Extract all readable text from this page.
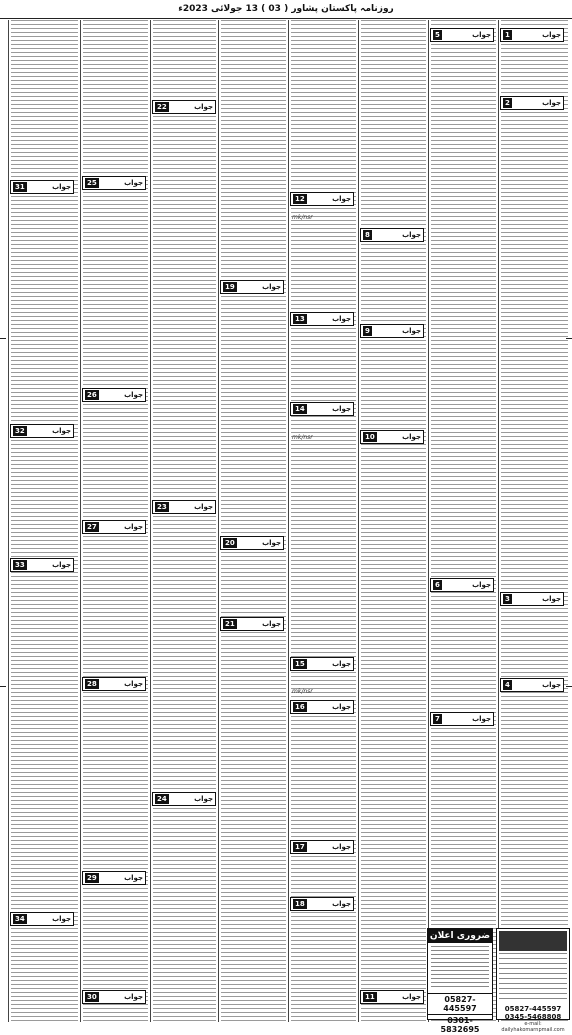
روزنامہ پاکستان پشاور ( 03 ) 13 جولائی 2023ء
1	جواب
2	جواب
3	جواب
4	جواب
5	جواب
6	جواب
7	جواب
8	جواب
9	جواب
10	جواب
11	جواب
12	جواب
13	جواب
14	جواب
15	جواب
16	جواب
17	جواب
18	جواب
19	جواب
20	جواب
21	جواب
22	جواب
23	جواب
24	جواب
25	جواب
26	جواب
27	جواب
28	جواب
29	جواب
30	جواب
31	جواب
32	جواب
33	جواب
34	جواب
mk/nsr
mk/nsr
mk/nsr
ضروری اعلان
05827-445597
0301-5832695
05827-445597
0345-5468808
e-mail: dailyhakomarnpmail.com
